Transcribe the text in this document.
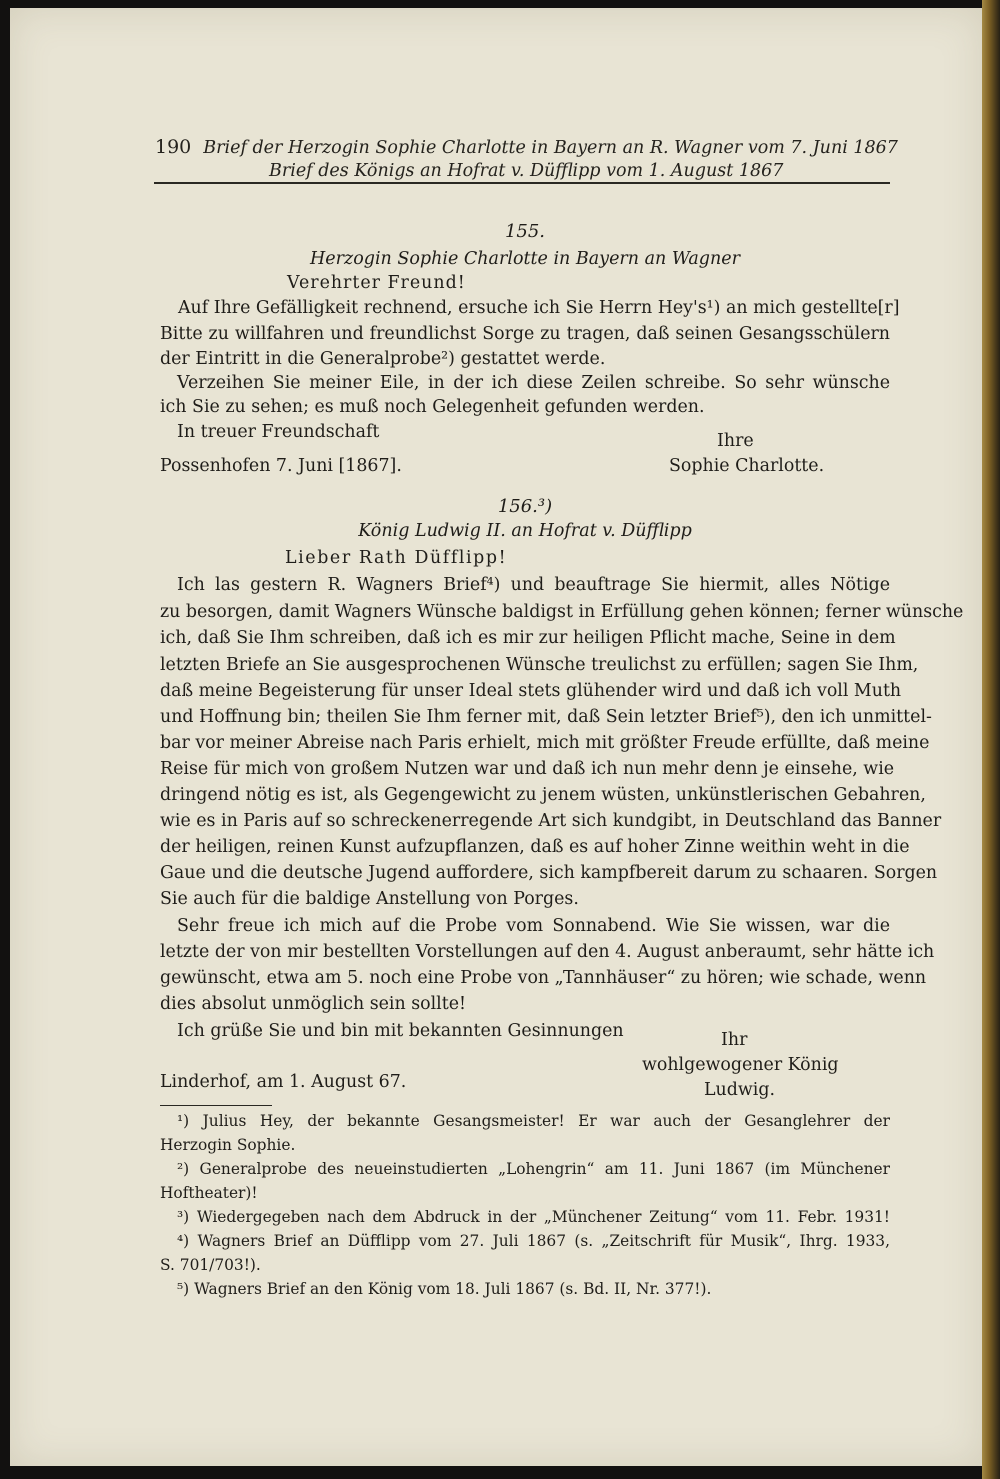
190 Brief der Herzogin Sophie Charlotte in Bayern an R. Wagner vom 7. Juni 1867
Brief des Königs an Hofrat v. Düfflipp vom 1. August 1867
155.
Herzogin Sophie Charlotte in Bayern an Wagner
Verehrter Freund!
Auf Ihre Gefälligkeit rechnend, ersuche ich Sie Herrn Hey's¹) an mich gestellte[r]
Bitte zu willfahren und freundlichst Sorge zu tragen, daß seinen Gesangsschülern
der Eintritt in die Generalprobe²) gestattet werde.
Verzeihen Sie meiner Eile, in der ich diese Zeilen schreibe. So sehr wünsche
ich Sie zu sehen; es muß noch Gelegenheit gefunden werden.
In treuer Freundschaft	Ihre
Possenhofen 7. Juni [1867].	Sophie Charlotte.
156.³)
König Ludwig II. an Hofrat v. Düfflipp
Lieber Rath Düfflipp!
Ich las gestern R. Wagners Brief⁴) und beauftrage Sie hiermit, alles Nötige
zu besorgen, damit Wagners Wünsche baldigst in Erfüllung gehen können; ferner wünsche
ich, daß Sie Ihm schreiben, daß ich es mir zur heiligen Pflicht mache, Seine in dem
letzten Briefe an Sie ausgesprochenen Wünsche treulichst zu erfüllen; sagen Sie Ihm,
daß meine Begeisterung für unser Ideal stets glühender wird und daß ich voll Muth
und Hoffnung bin; theilen Sie Ihm ferner mit, daß Sein letzter Brief⁵), den ich unmittel-
bar vor meiner Abreise nach Paris erhielt, mich mit größter Freude erfüllte, daß meine
Reise für mich von großem Nutzen war und daß ich nun mehr denn je einsehe, wie
dringend nötig es ist, als Gegengewicht zu jenem wüsten, unkünstlerischen Gebahren,
wie es in Paris auf so schreckenerregende Art sich kundgibt, in Deutschland das Banner
der heiligen, reinen Kunst aufzupflanzen, daß es auf hoher Zinne weithin weht in die
Gaue und die deutsche Jugend auffordere, sich kampfbereit darum zu schaaren. Sorgen
Sie auch für die baldige Anstellung von Porges.
Sehr freue ich mich auf die Probe vom Sonnabend. Wie Sie wissen, war die
letzte der von mir bestellten Vorstellungen auf den 4. August anberaumt, sehr hätte ich
gewünscht, etwa am 5. noch eine Probe von „Tannhäuser“ zu hören; wie schade, wenn
dies absolut unmöglich sein sollte!
Ich grüße Sie und bin mit bekannten Gesinnungen	Ihr
wohlgewogener König
Linderhof, am 1. August 67.	Ludwig.
¹) Julius Hey, der bekannte Gesangsmeister! Er war auch der Gesanglehrer der
Herzogin Sophie.
²) Generalprobe des neueinstudierten „Lohengrin“ am 11. Juni 1867 (im Münchener
Hoftheater)!
³) Wiedergegeben nach dem Abdruck in der „Münchener Zeitung“ vom 11. Febr. 1931!
⁴) Wagners Brief an Düfflipp vom 27. Juli 1867 (s. „Zeitschrift für Musik“, Ihrg. 1933,
S. 701/703!).
⁵) Wagners Brief an den König vom 18. Juli 1867 (s. Bd. II, Nr. 377!).
